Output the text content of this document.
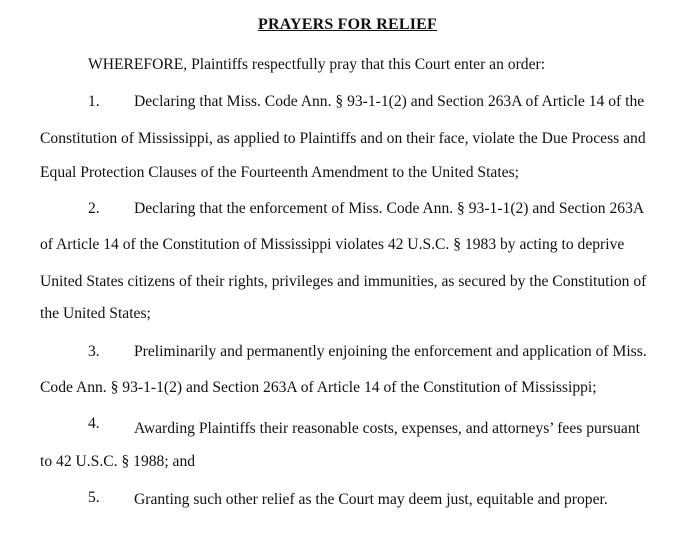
PRAYERS FOR RELIEF
WHEREFORE, Plaintiffs respectfully pray that this Court enter an order:
1. Declaring that Miss. Code Ann. § 93-1-1(2) and Section 263A of Article 14 of the
Constitution of Mississippi, as applied to Plaintiffs and on their face, violate the Due Process and
Equal Protection Clauses of the Fourteenth Amendment to the United States;
2. Declaring that the enforcement of Miss. Code Ann. § 93-1-1(2) and Section 263A
of Article 14 of the Constitution of Mississippi violates 42 U.S.C. § 1983 by acting to deprive
United States citizens of their rights, privileges and immunities, as secured by the Constitution of
the United States;
3. Preliminarily and permanently enjoining the enforcement and application of Miss.
Code Ann. § 93-1-1(2) and Section 263A of Article 14 of the Constitution of Mississippi;
4. Awarding Plaintiffs their reasonable costs, expenses, and attorneys’ fees pursuant
to 42 U.S.C. § 1988; and
5. Granting such other relief as the Court may deem just, equitable and proper.
